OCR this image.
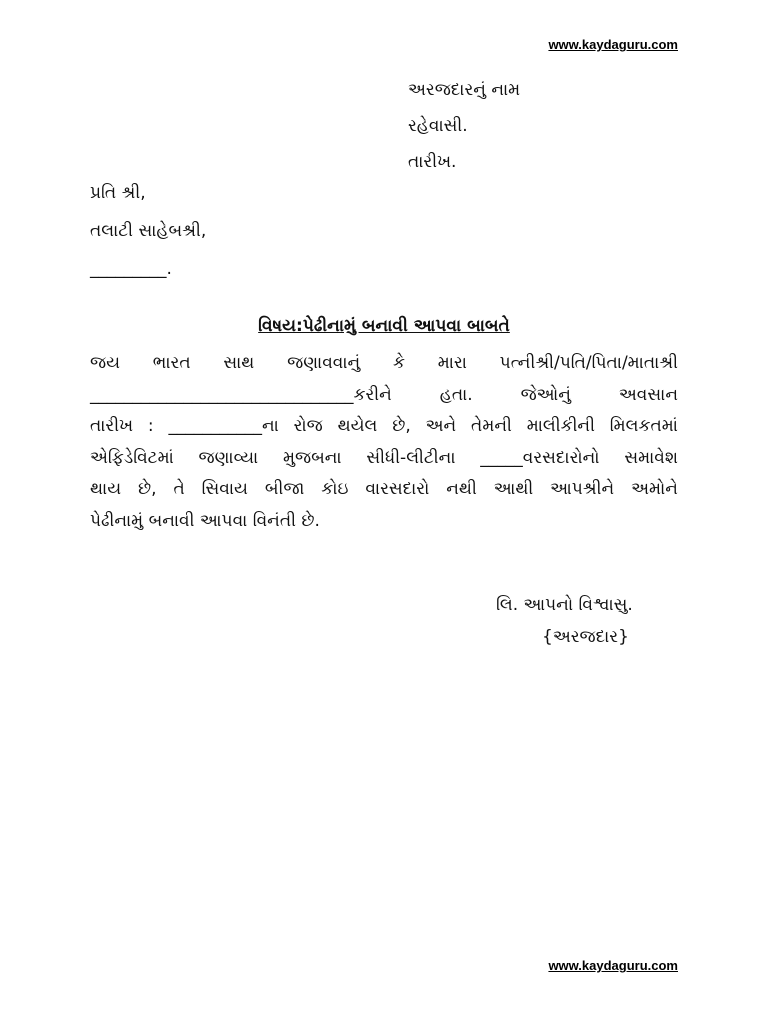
www.kaydaguru.com
અરજદારનું નામ
રહેવાસી.
તારીખ.
પ્રતિ શ્રી,
તલાટી સાહેબશ્રી,
_________.
વિષય:પેઢીનામું બનાવી આપવા બાબતે
જય ભારત સાથ જણાવવાનું કે મારા પત્નીશ્રી/પતિ/પિતા/માતાશ્રી
_______________________________કરીને	હતા.	જેઓનું	અવસાન
તારીખ : ___________ના રોજ થયેલ છે, અને તેમની માલીકીની મિલકતમાં
એફિડેવિટમાં જણાવ્યા મુજબના સીધી-લીટીના _____વરસદારોનો સમાવેશ
થાય છે, તે સિવાય બીજા કોઇ વારસદારો નથી આથી આપશ્રીને અમોને
પેઢીનામું બનાવી આપવા વિનંતી છે.
લિ. આપનો વિશ્વાસુ.
{અરજદાર}
www.kaydaguru.com
